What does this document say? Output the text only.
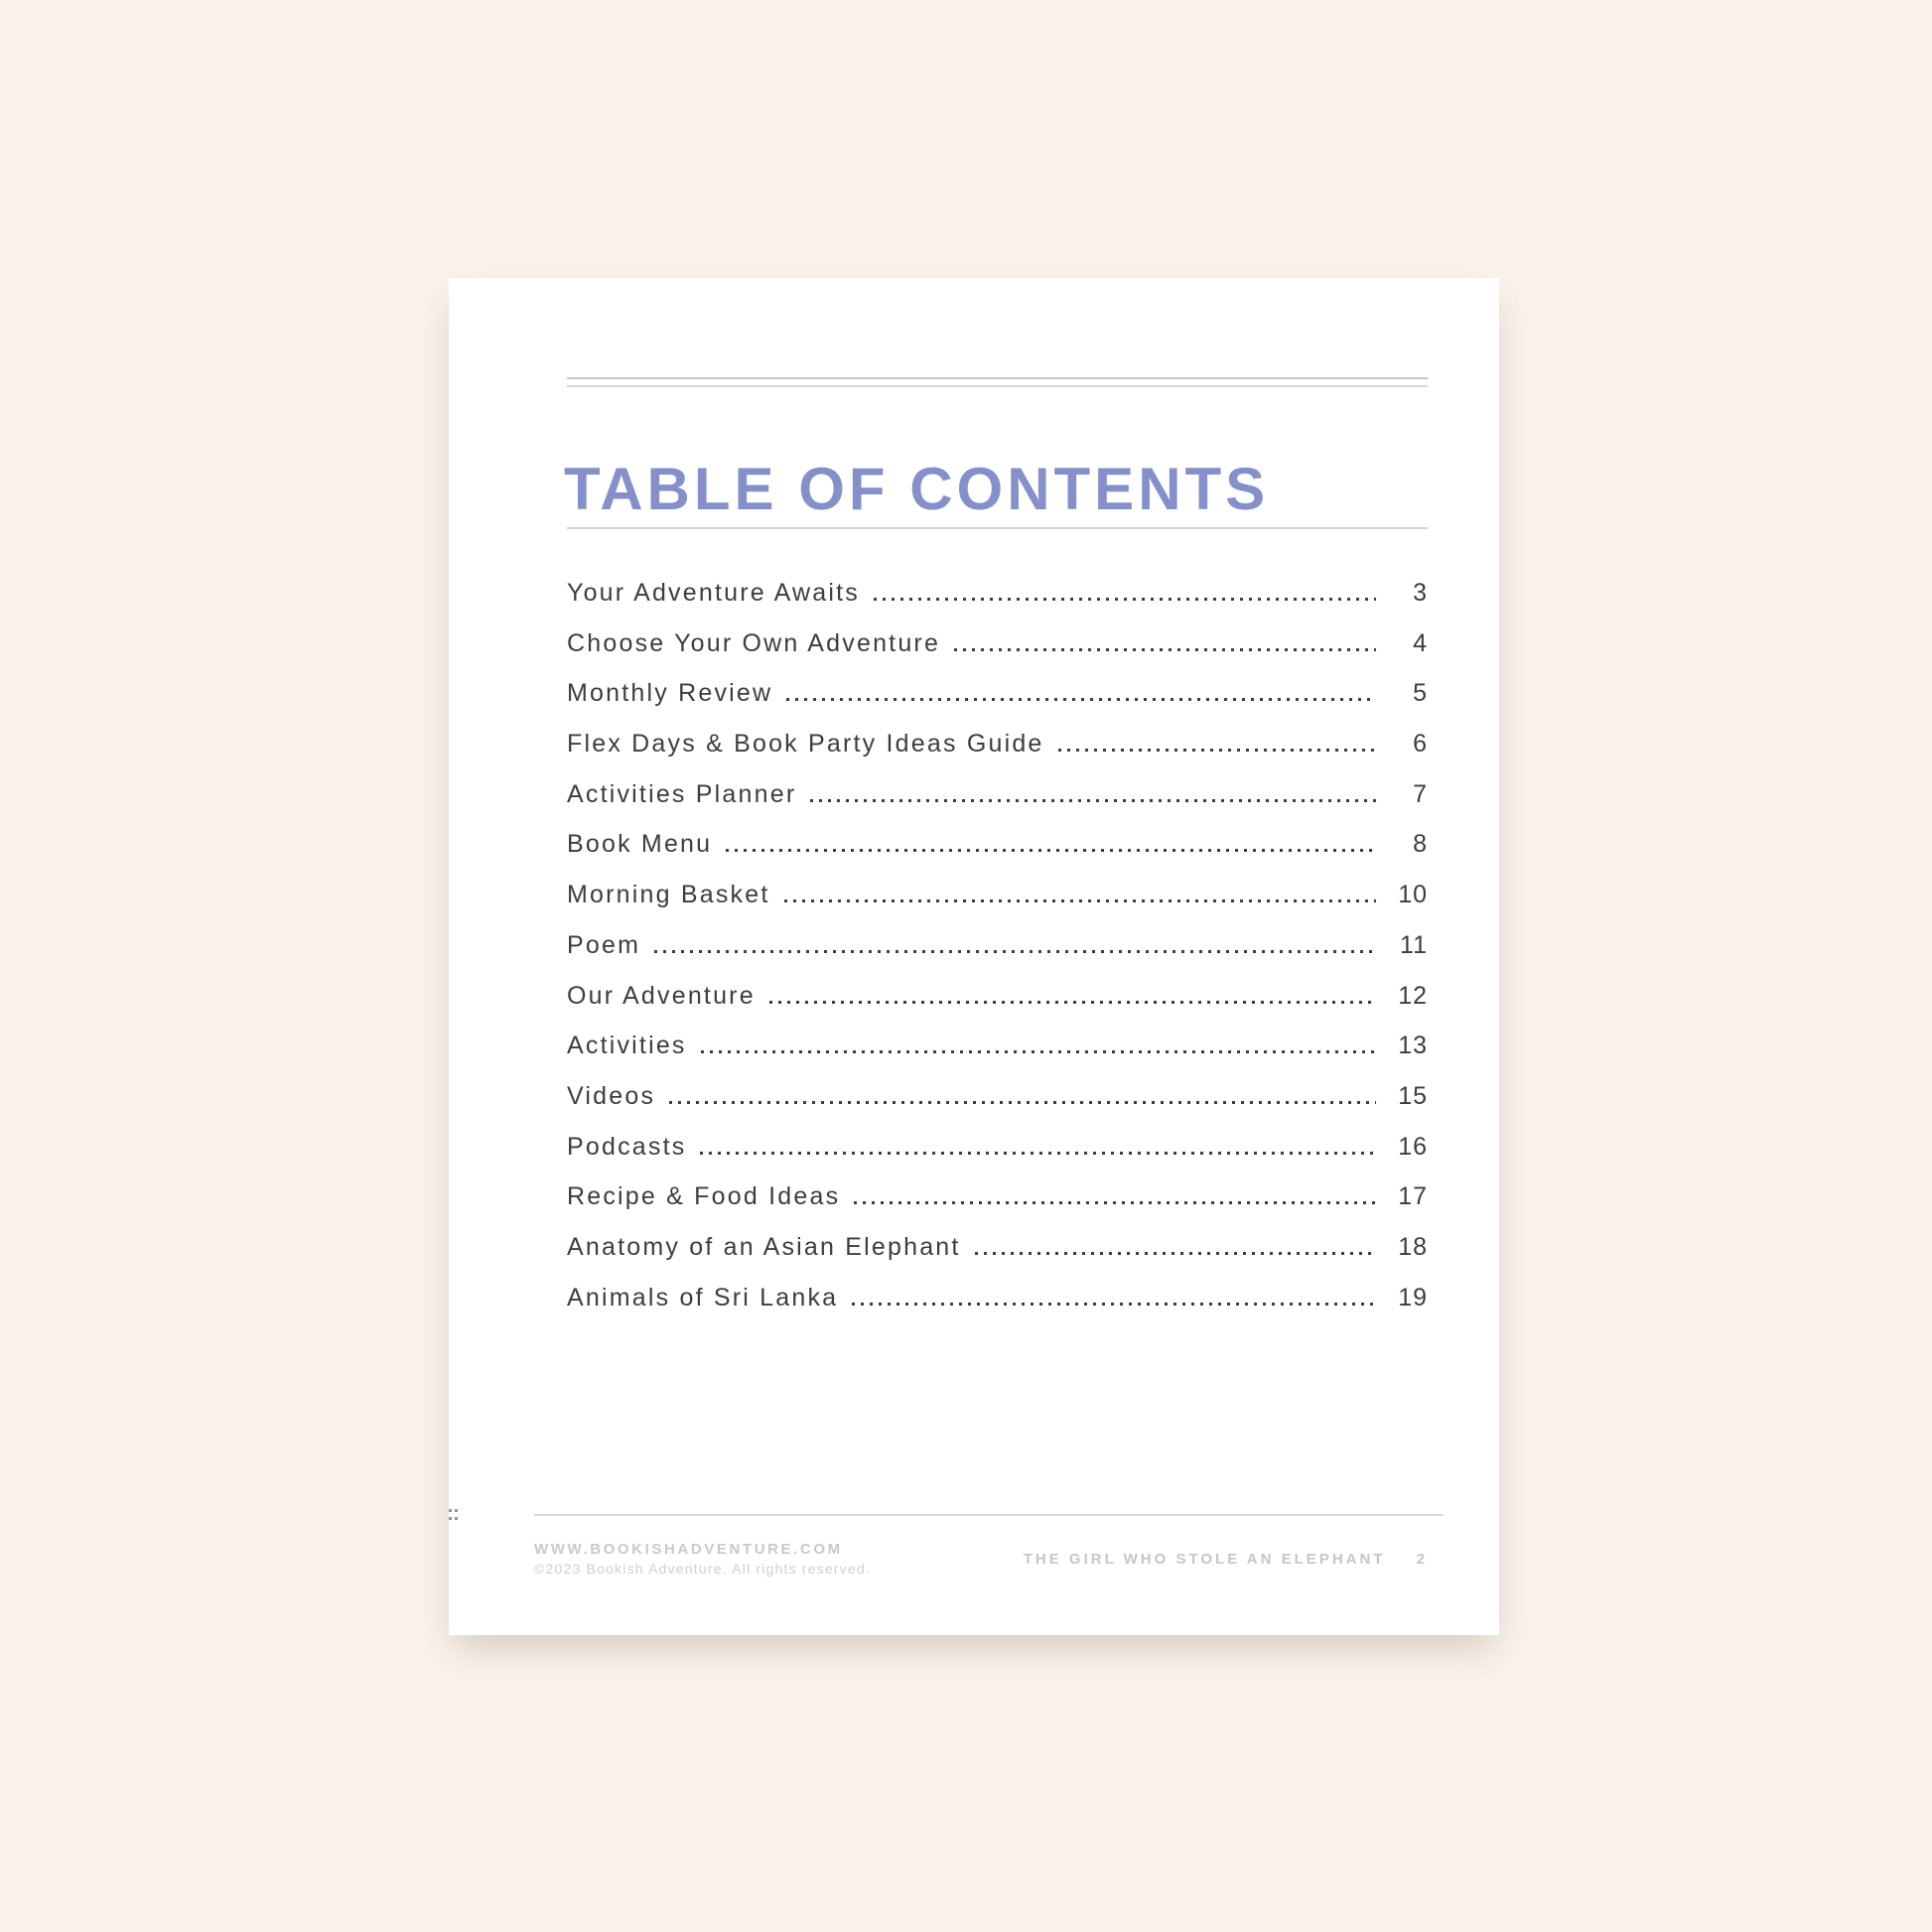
TABLE OF CONTENTS
Your Adventure Awaits	3
Choose Your Own Adventure	4
Monthly Review	5
Flex Days & Book Party Ideas Guide	6
Activities Planner	7
Book Menu	8
Morning Basket	10
Poem	11
Our Adventure	12
Activities	13
Videos	15
Podcasts	16
Recipe & Food Ideas	17
Anatomy of an Asian Elephant	18
Animals of Sri Lanka	19
WWW.BOOKISHADVENTURE.COM
©2023 Bookish Adventure. All rights reserved.
THE GIRL WHO STOLE AN ELEPHANT 2
